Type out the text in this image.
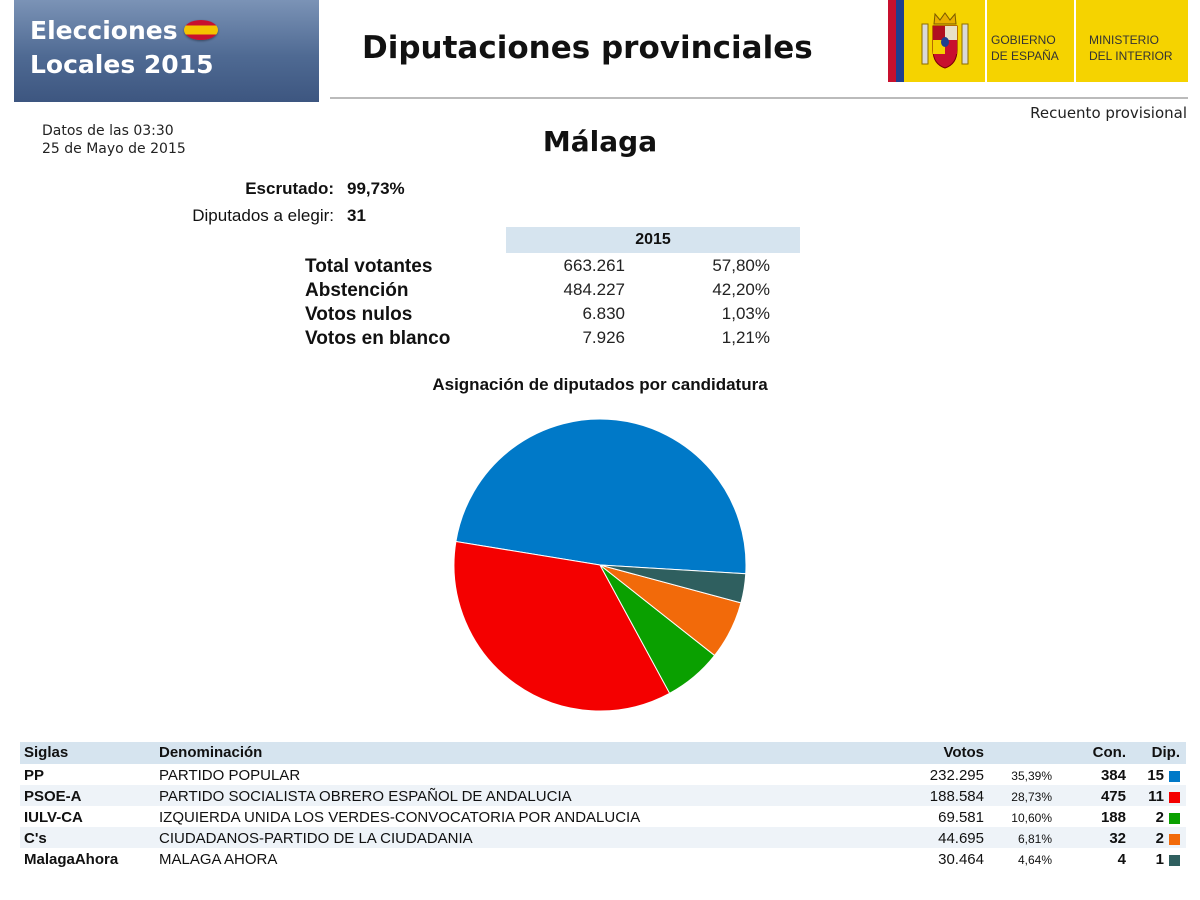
Elecciones
Locales 2015	Diputaciones provinciales	GOBIERNO
DE ESPAÑA
MINISTERIO
DEL INTERIOR
Recuento provisional
Datos de las 03:30
25 de Mayo de 2015	Málaga
Escrutado: 99,73%
Diputados a elegir: 31
2015
Total votantes	663.261	57,80%
Abstención	484.227	42,20%
Votos nulos	6.830	1,03%
Votos en blanco	7.926	1,21%
Asignación de diputados por candidatura
Siglas	Denominación	Votos	Con. Dip.
PP	PARTIDO POPULAR	232.295 35,39%	384 15
PSOE-A	PARTIDO SOCIALISTA OBRERO ESPAÑOL DE ANDALUCIA	188.584 28,73%	475 11
IULV-CA	IZQUIERDA UNIDA LOS VERDES-CONVOCATORIA POR ANDALUCIA	69.581 10,60%	188 2
C's	CIUDADANOS-PARTIDO DE LA CIUDADANIA	44.695	6,81%	32 2
MalagaAhora	MALAGA AHORA	30.464	4,64%	4 1
